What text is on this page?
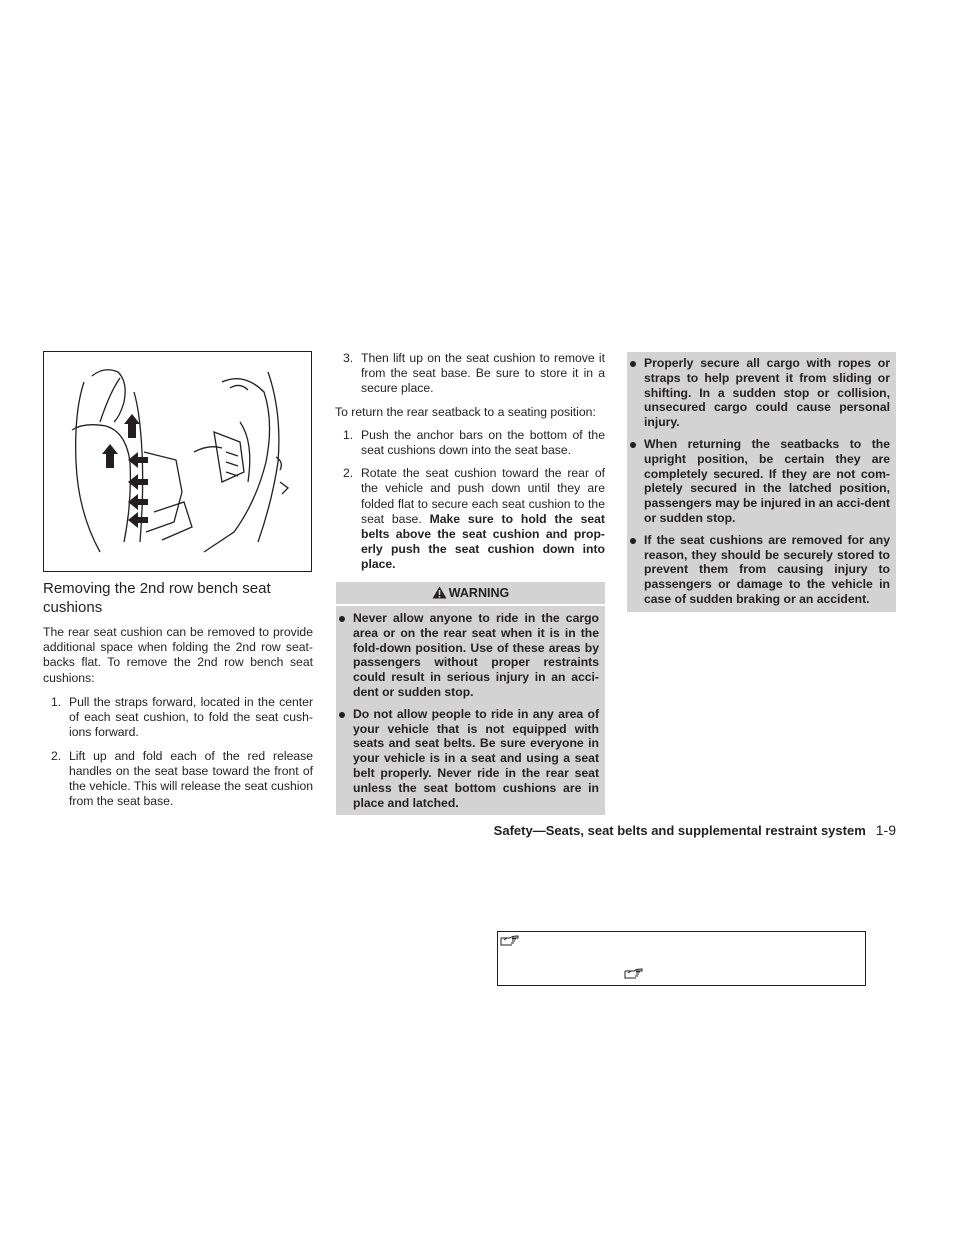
Removing the 2nd row bench seat cushions
The rear seat cushion can be removed to provide additional space when folding the 2nd row seat-backs flat. To remove the 2nd row bench seat cushions:
1. Pull the straps forward, located in the center of each seat cushion, to fold the seat cush-ions forward.
2. Lift up and fold each of the red release handles on the seat base toward the front of the vehicle. This will release the seat cushion from the seat base.
3. Then lift up on the seat cushion to remove it from the seat base. Be sure to store it in a secure place.
To return the rear seatback to a seating position:
1. Push the anchor bars on the bottom of the seat cushions down into the seat base.
2. Rotate the seat cushion toward the rear of the vehicle and push down until they are folded flat to secure each seat cushion to the seat base. Make sure to hold the seat belts above the seat cushion and prop-erly push the seat cushion down into place.
WARNING
Never allow anyone to ride in the cargo area or on the rear seat when it is in the fold-down position. Use of these areas by passengers without proper restraints could result in serious injury in an acci-dent or sudden stop.
Do not allow people to ride in any area of your vehicle that is not equipped with seats and seat belts. Be sure everyone in your vehicle is in a seat and using a seat belt properly. Never ride in the rear seat unless the seat bottom cushions are in place and latched.
Properly secure all cargo with ropes or straps to help prevent it from sliding or shifting. In a sudden stop or collision, unsecured cargo could cause personal injury.
When returning the seatbacks to the upright position, be certain they are completely secured. If they are not com-pletely secured in the latched position, passengers may be injured in an acci-dent or sudden stop.
If the seat cushions are removed for any reason, they should be securely stored to prevent them from causing injury to passengers or damage to the vehicle in case of sudden braking or an accident.
Safety—Seats, seat belts and supplemental restraint system 1-9
